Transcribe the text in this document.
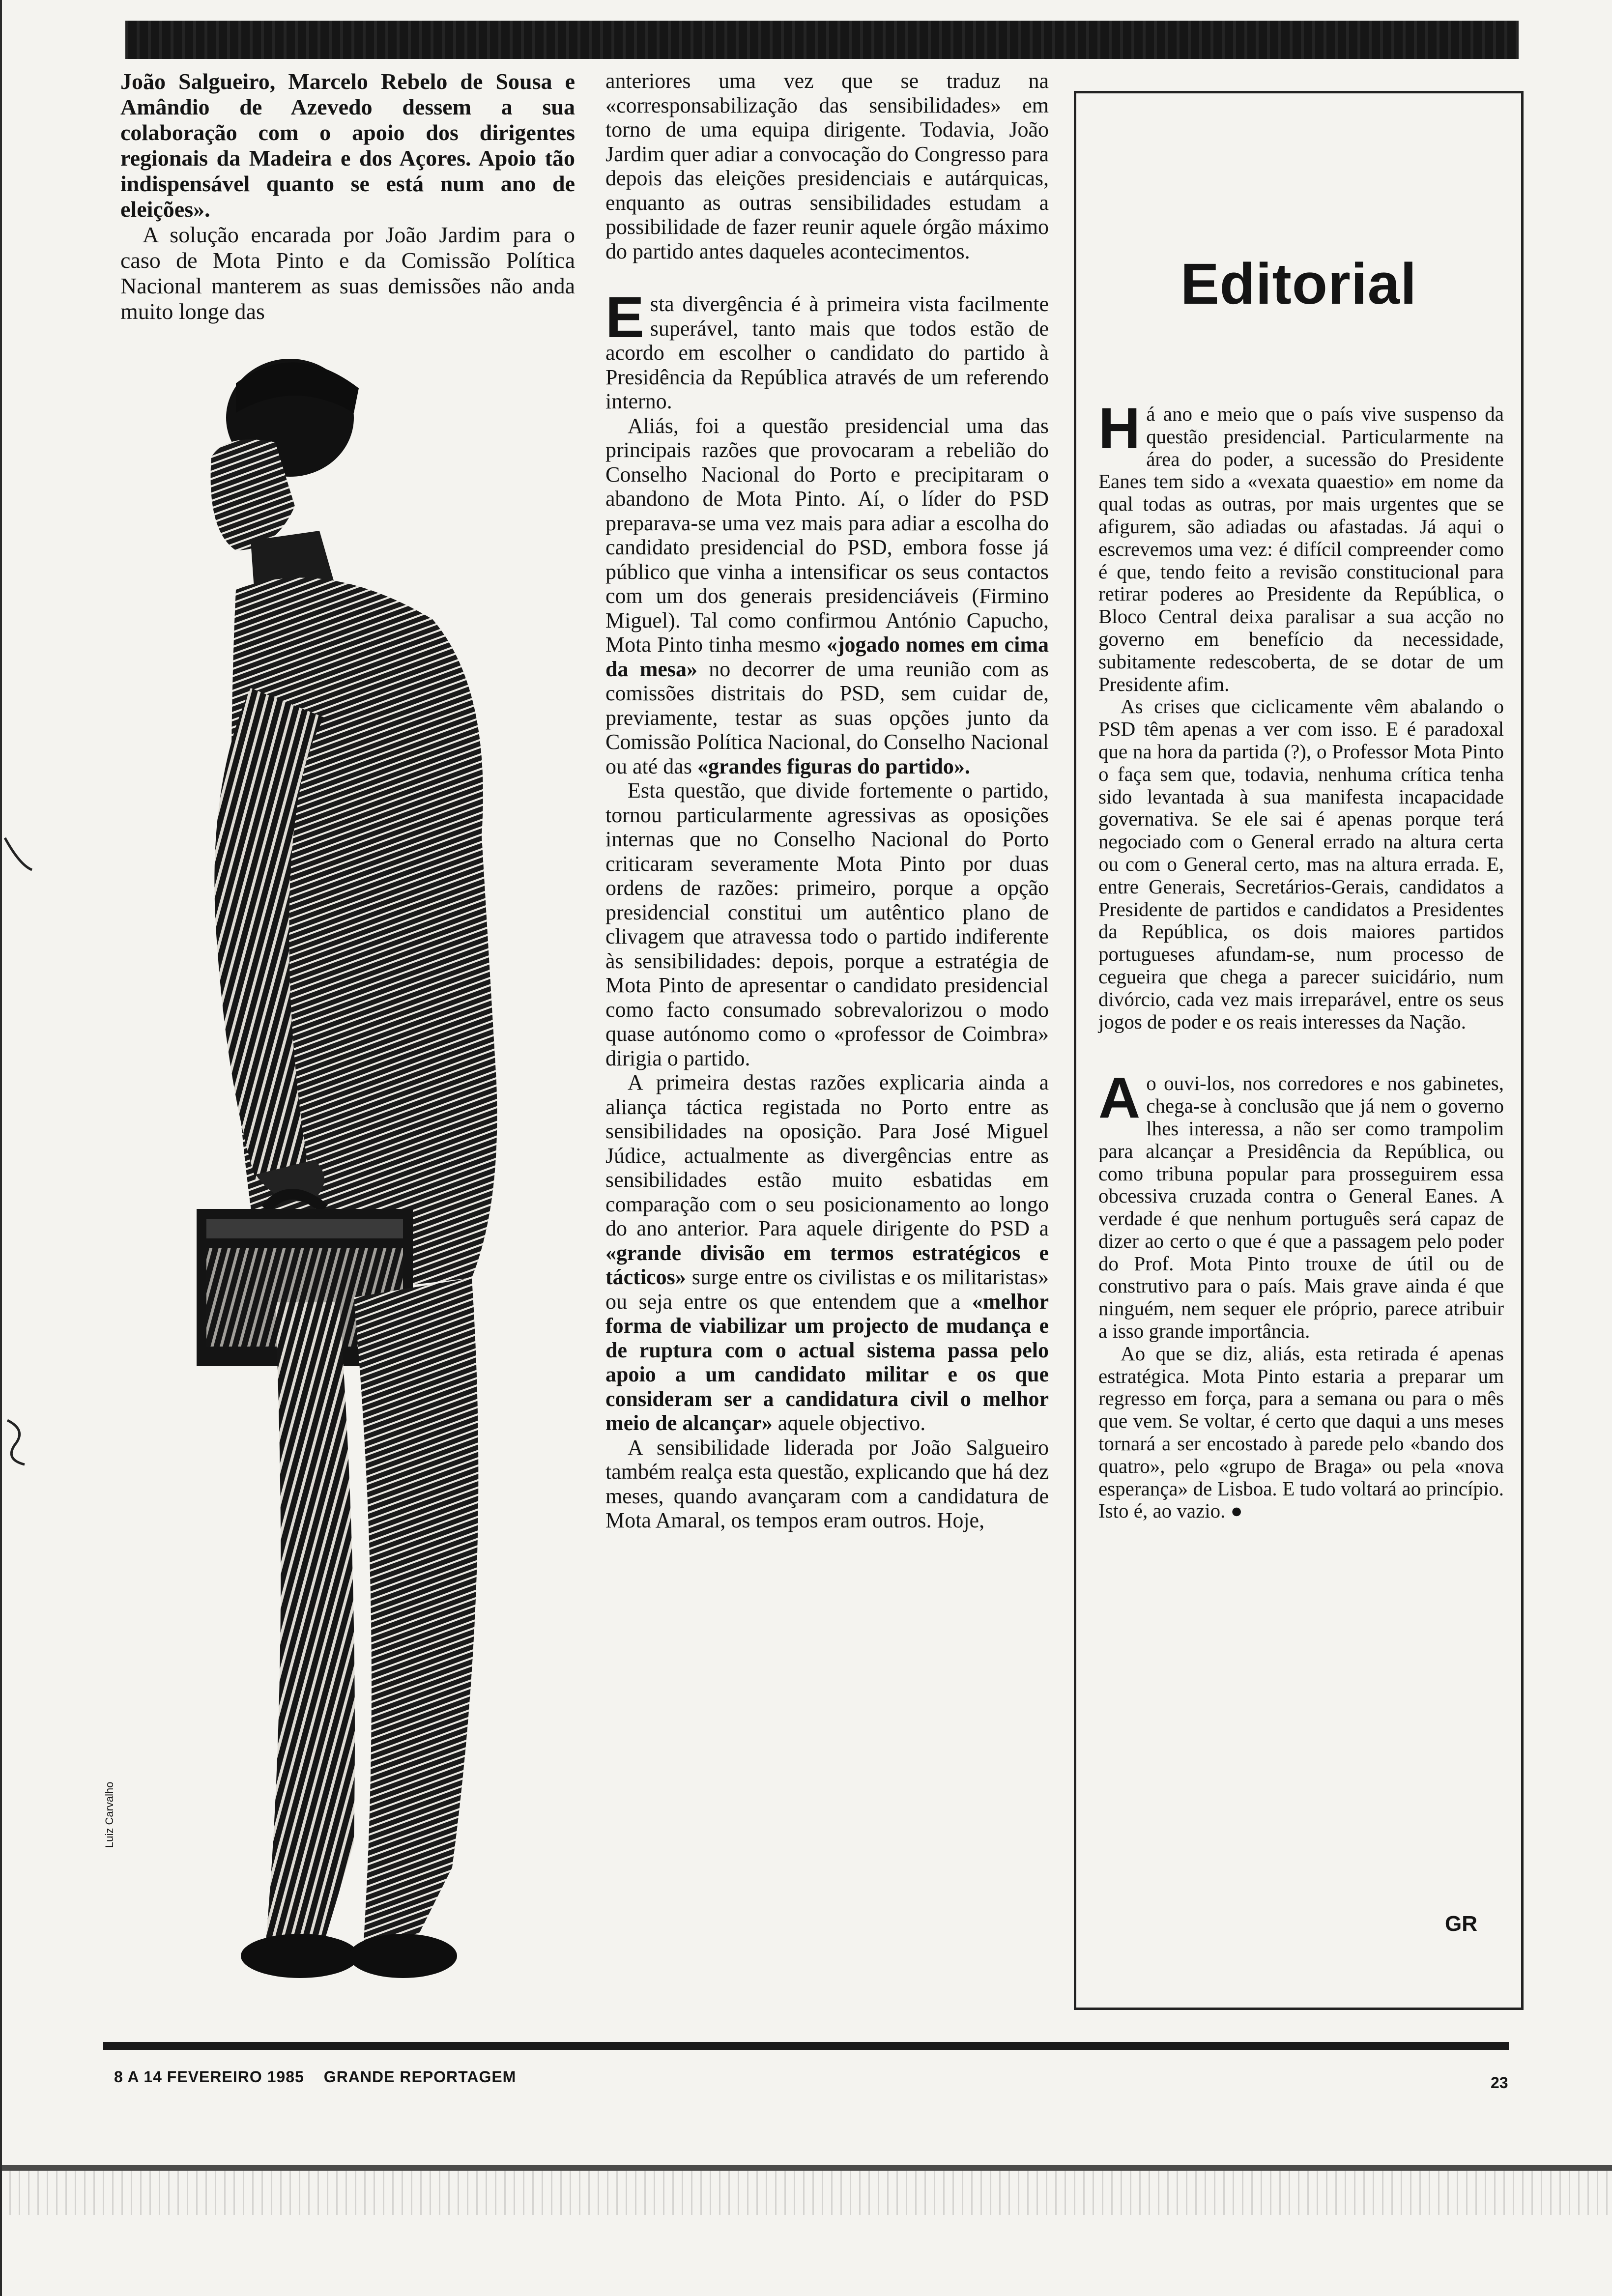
João Salgueiro, Marcelo Rebelo de Sousa e Amândio de Azevedo dessem a sua colaboração com o apoio dos dirigentes regionais da Madeira e dos Açores. Apoio tão indispensável quanto se está num ano de eleições».

A solução encarada por João Jardim para o caso de Mota Pinto e da Comissão Política Nacional manterem as suas demissões não anda muito longe das

Luiz Carvalho

anteriores uma vez que se traduz na «corresponsabilização das sensibilidades» em torno de uma equipa dirigente. Todavia, João Jardim quer adiar a convocação do Congresso para depois das eleições presidenciais e autárquicas, enquanto as outras sensibilidades estudam a possibilidade de fazer reunir aquele órgão máximo do partido antes daqueles acontecimentos.

Esta divergência é à primeira vista facilmente superável, tanto mais que todos estão de acordo em escolher o candidato do partido à Presidência da República através de um referendo interno.

Aliás, foi a questão presidencial uma das principais razões que provocaram a rebelião do Conselho Nacional do Porto e precipitaram o abandono de Mota Pinto. Aí, o líder do PSD preparava-se uma vez mais para adiar a escolha do candidato presidencial do PSD, embora fosse já público que vinha a intensificar os seus contactos com um dos generais presidenciáveis (Firmino Miguel). Tal como confirmou António Capucho, Mota Pinto tinha mesmo «jogado nomes em cima da mesa» no decorrer de uma reunião com as comissões distritais do PSD, sem cuidar de, previamente, testar as suas opções junto da Comissão Política Nacional, do Conselho Nacional ou até das «grandes figuras do partido».

Esta questão, que divide fortemente o partido, tornou particularmente agressivas as oposições internas que no Conselho Nacional do Porto criticaram severamente Mota Pinto por duas ordens de razões: primeiro, porque a opção presidencial constitui um autêntico plano de clivagem que atravessa todo o partido indiferente às sensibilidades: depois, porque a estratégia de Mota Pinto de apresentar o candidato presidencial como facto consumado sobrevalorizou o modo quase autónomo como o «professor de Coimbra» dirigia o partido.

A primeira destas razões explicaria ainda a aliança táctica registada no Porto entre as sensibilidades na oposição. Para José Miguel Júdice, actualmente as divergências entre as sensibilidades estão muito esbatidas em comparação com o seu posicionamento ao longo do ano anterior. Para aquele dirigente do PSD a «grande divisão em termos estratégicos e tácticos» surge entre os civilistas e os militaristas» ou seja entre os que entendem que a «melhor forma de viabilizar um projecto de mudança e de ruptura com o actual sistema passa pelo apoio a um candidato militar e os que consideram ser a candidatura civil o melhor meio de alcançar» aquele objectivo.

A sensibilidade liderada por João Salgueiro também realça esta questão, explicando que há dez meses, quando avançaram com a candidatura de Mota Amaral, os tempos eram outros. Hoje,

Editorial

Há ano e meio que o país vive suspenso da questão presidencial. Particularmente na área do poder, a sucessão do Presidente Eanes tem sido a «vexata quaestio» em nome da qual todas as outras, por mais urgentes que se afigurem, são adiadas ou afastadas. Já aqui o escrevemos uma vez: é difícil compreender como é que, tendo feito a revisão constitucional para retirar poderes ao Presidente da República, o Bloco Central deixa paralisar a sua acção no governo em benefício da necessidade, subitamente redescoberta, de se dotar de um Presidente afim.

As crises que ciclicamente vêm abalando o PSD têm apenas a ver com isso. E é paradoxal que na hora da partida (?), o Professor Mota Pinto o faça sem que, todavia, nenhuma crítica tenha sido levantada à sua manifesta incapacidade governativa. Se ele sai é apenas porque terá negociado com o General errado na altura certa ou com o General certo, mas na altura errada. E, entre Generais, Secretários-Gerais, candidatos a Presidente de partidos e candidatos a Presidentes da República, os dois maiores partidos portugueses afundam-se, num processo de cegueira que chega a parecer suicidário, num divórcio, cada vez mais irreparável, entre os seus jogos de poder e os reais interesses da Nação.

Ao ouvi-los, nos corredores e nos gabinetes, chega-se à conclusão que já nem o governo lhes interessa, a não ser como trampolim para alcançar a Presidência da República, ou como tribuna popular para prosseguirem essa obcessiva cruzada contra o General Eanes. A verdade é que nenhum português será capaz de dizer ao certo o que é que a passagem pelo poder do Prof. Mota Pinto trouxe de útil ou de construtivo para o país. Mais grave ainda é que ninguém, nem sequer ele próprio, parece atribuir a isso grande importância.

Ao que se diz, aliás, esta retirada é apenas estratégica. Mota Pinto estaria a preparar um regresso em força, para a semana ou para o mês que vem. Se voltar, é certo que daqui a uns meses tornará a ser encostado à parede pelo «bando dos quatro», pelo «grupo de Braga» ou pela «nova esperança» de Lisboa. E tudo voltará ao princípio. Isto é, ao vazio. ●

GR
8 A 14 FEVEREIRO 1985 GRANDE REPORTAGEM	23
